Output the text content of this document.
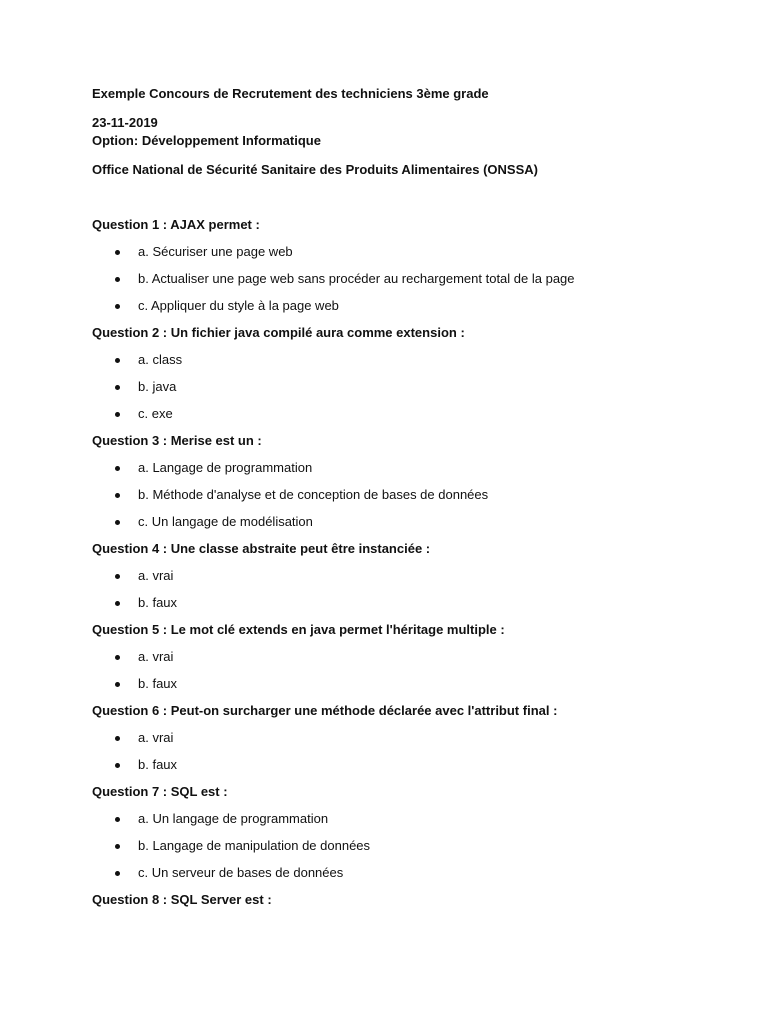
Exemple Concours de Recrutement des techniciens 3ème grade

23-11-2019

Option: Développement Informatique

Office National de Sécurité Sanitaire des Produits Alimentaires (ONSSA)

Question 1 : AJAX permet :

a. Sécuriser une page web
b. Actualiser une page web sans procéder au rechargement total de la page
c. Appliquer du style à la page web

Question 2 : Un fichier java compilé aura comme extension :

a. class
b. java
c. exe

Question 3 : Merise est un :

a. Langage de programmation
b. Méthode d'analyse et de conception de bases de données
c. Un langage de modélisation

Question 4 : Une classe abstraite peut être instanciée :

a. vrai
b. faux

Question 5 : Le mot clé extends en java permet l'héritage multiple :

a. vrai
b. faux

Question 6 : Peut-on surcharger une méthode déclarée avec l'attribut final :

a. vrai
b. faux

Question 7 : SQL est :

a. Un langage de programmation
b. Langage de manipulation de données
c. Un serveur de bases de données

Question 8 : SQL Server est :
